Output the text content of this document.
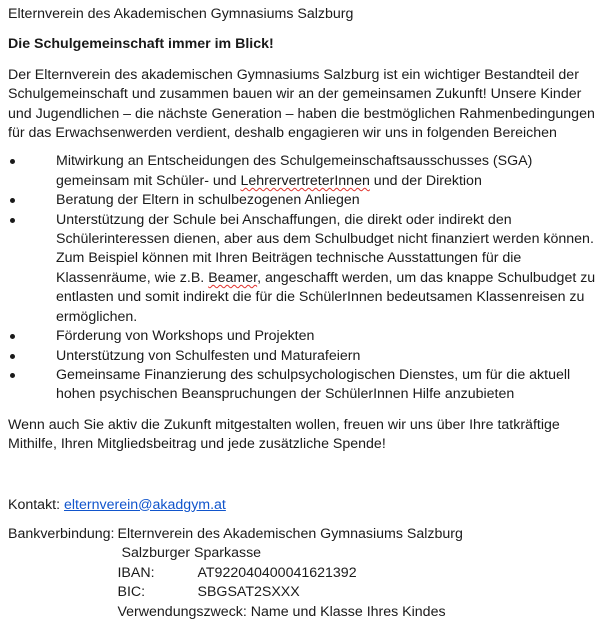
Elternverein des Akademischen Gymnasiums Salzburg

Die Schulgemeinschaft immer im Blick!

Der Elternverein des akademischen Gymnasiums Salzburg ist ein wichtiger Bestandteil der Schulgemeinschaft und zusammen bauen wir an der gemeinsamen Zukunft! Unsere Kinder und Jugendlichen – die nächste Generation – haben die bestmöglichen Rahmenbedingungen für das Erwachsenwerden verdient, deshalb engagieren wir uns in folgenden Bereichen

Mitwirkung an Entscheidungen des Schulgemeinschaftsausschusses (SGA) gemeinsam mit Schüler- und LehrervertreterInnen und der Direktion
Beratung der Eltern in schulbezogenen Anliegen
Unterstützung der Schule bei Anschaffungen, die direkt oder indirekt den Schülerinteressen dienen, aber aus dem Schulbudget nicht finanziert werden können. Zum Beispiel können mit Ihren Beiträgen technische Ausstattungen für die Klassenräume, wie z.B. Beamer, angeschafft werden, um das knappe Schulbudget zu entlasten und somit indirekt die für die SchülerInnen bedeutsamen Klassenreisen zu ermöglichen.
Förderung von Workshops und Projekten
Unterstützung von Schulfesten und Maturafeiern
Gemeinsame Finanzierung des schulpsychologischen Dienstes, um für die aktuell hohen psychischen Beanspruchungen der SchülerInnen Hilfe anzubieten

Wenn auch Sie aktiv die Zukunft mitgestalten wollen, freuen wir uns über Ihre tatkräftige Mithilfe, Ihren Mitgliedsbeitrag und jede zusätzliche Spende!

Kontakt: elternverein@akadgym.at

Bankverbindung: Elternverein des Akademischen Gymnasiums Salzburg
Salzburger Sparkasse
IBAN:	AT922040400041621392
BIC:	SBGSAT2SXXX
Verwendungszweck: Name und Klasse Ihres Kindes
